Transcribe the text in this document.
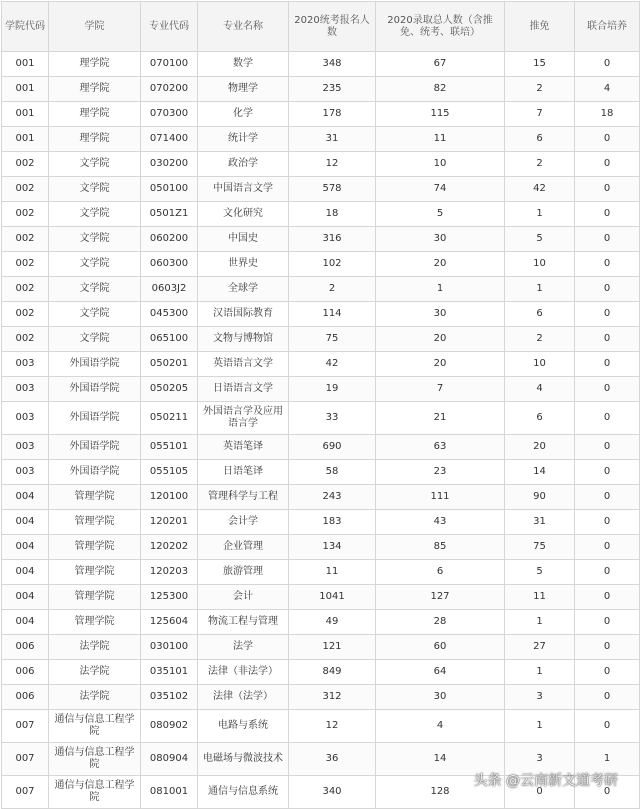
学院代码	学院	专业代码	专业名称	2020统考报名人数	2020录取总人数（含推免、统考、联培）	推免	联合培养
001	理学院	070100	数学	348	67	15	0
001	理学院	070200	物理学	235	82	2	4
001	理学院	070300	化学	178	115	7	18
001	理学院	071400	统计学	31	11	6	0
002	文学院	030200	政治学	12	10	2	0
002	文学院	050100	中国语言文学	578	74	42	0
002	文学院	0501Z1	文化研究	18	5	1	0
002	文学院	060200	中国史	316	30	5	0
002	文学院	060300	世界史	102	20	10	0
002	文学院	0603J2	全球学	2	1	1	0
002	文学院	045300	汉语国际教育	114	30	6	0
002	文学院	065100	文物与博物馆	75	20	2	0
003	外国语学院	050201	英语语言文学	42	20	10	0
003	外国语学院	050205	日语语言文学	19	7	4	0
003	外国语学院	050211	外国语言学及应用语言学	33	21	6	0
003	外国语学院	055101	英语笔译	690	63	20	0
003	外国语学院	055105	日语笔译	58	23	14	0
004	管理学院	120100	管理科学与工程	243	111	90	0
004	管理学院	120201	会计学	183	43	31	0
004	管理学院	120202	企业管理	134	85	75	0
004	管理学院	120203	旅游管理	11	6	5	0
004	管理学院	125300	会计	1041	127	11	0
004	管理学院	125604	物流工程与管理	49	28	1	0
006	法学院	030100	法学	121	60	27	0
006	法学院	035101	法律（非法学）	849	64	1	0
006	法学院	035102	法律（法学）	312	30	3	0
007	通信与信息工程学院	080902	电路与系统	12	4	1	0
007	通信与信息工程学院	080904	电磁场与微波技术	36	14	3	1
007	通信与信息工程学院	081001	通信与信息系统	340	128	0	0
头条 @云南新文道考研
